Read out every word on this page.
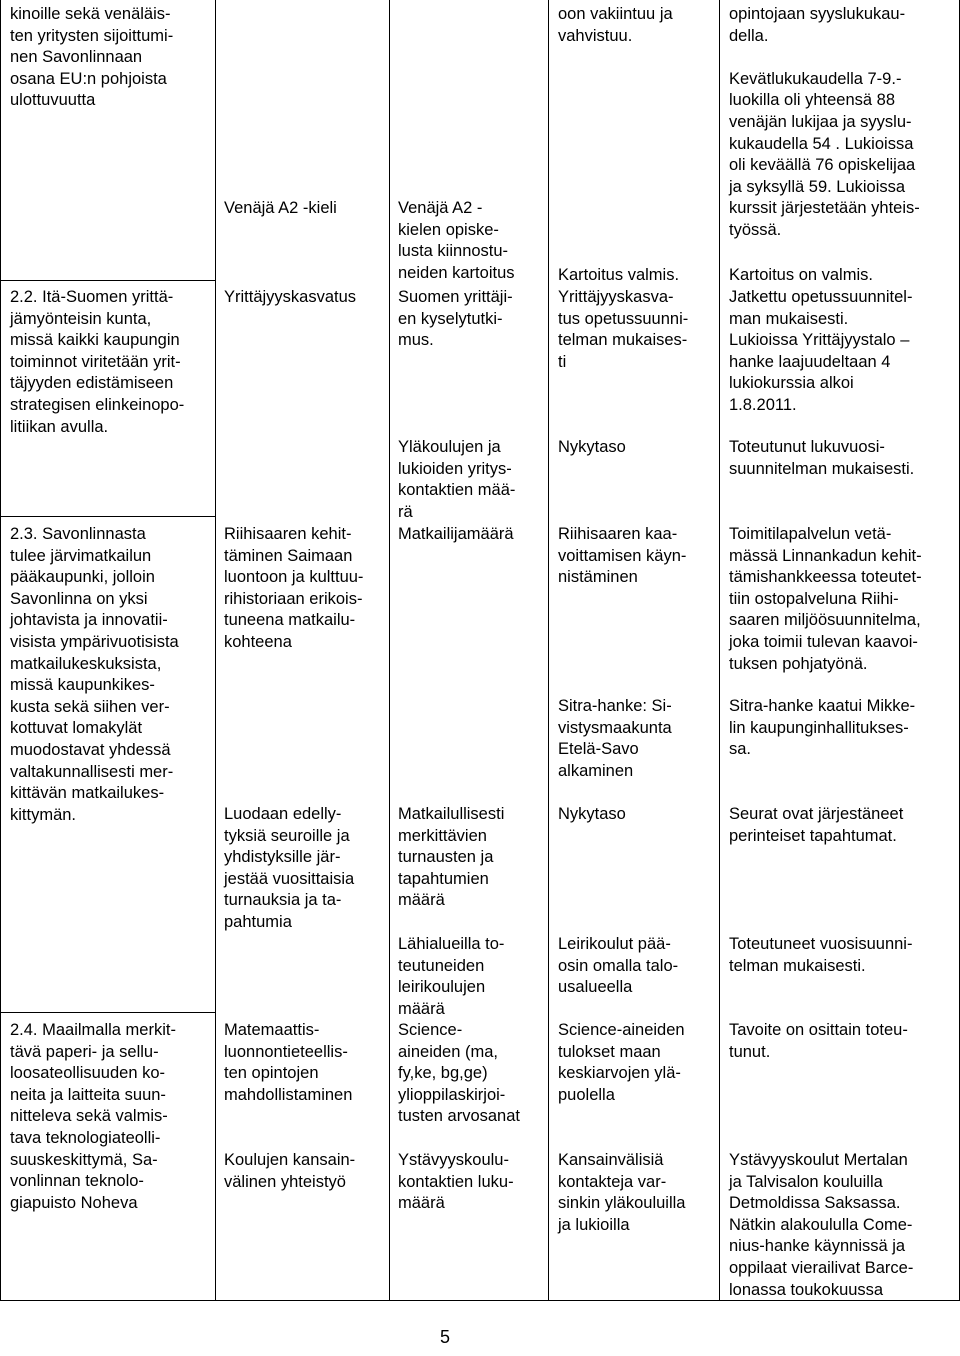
kinoille sekä venäläis-
ten yritysten sijoittumi-
nen Savonlinnaan
osana EU:n pohjoista
ulottuvuutta
2.2. Itä-Suomen yrittä-
jämyönteisin kunta,
missä kaikki kaupungin
toiminnot viritetään yrit-
täjyyden edistämiseen
strategisen elinkeinopo-
litiikan avulla.
2.3. Savonlinnasta
tulee järvimatkailun
pääkaupunki, jolloin
Savonlinna on yksi
johtavista ja innovatii-
visista ympärivuotisista
matkailukeskuksista,
missä kaupunkikes-
kusta sekä siihen ver-
kottuvat lomakylät
muodostavat yhdessä
valtakunnallisesti mer-
kittävän matkailukes-
kittymän.
2.4. Maailmalla merkit-
tävä paperi- ja sellu-
loosateollisuuden ko-
neita ja laitteita suun-
nitteleva sekä valmis-
tava teknologiateolli-
suuskeskittymä, Sa-
vonlinnan teknolo-
giapuisto Noheva
Venäjä A2 -kieli
Yrittäjyyskasvatus
Riihisaaren kehit-
täminen Saimaan
luontoon ja kulttuu-
rihistoriaan erikois-
tuneena matkailu-
kohteena
Luodaan edelly-
tyksiä seuroille ja
yhdistyksille jär-
jestää vuosittaisia
turnauksia ja ta-
pahtumia
Matemaattis-
luonnontieteellis-
ten opintojen
mahdollistaminen
Koulujen kansain-
välinen yhteistyö
Venäjä A2 -
kielen opiske-
lusta kiinnostu-
neiden kartoitus
Suomen yrittäji-
en kyselytutki-
mus.
Yläkoulujen ja
lukioiden yritys-
kontaktien mää-
rä
Matkailijamäärä
Matkailullisesti
merkittävien
turnausten ja
tapahtumien
määrä
Lähialueilla to-
teutuneiden
leirikoulujen
määrä
Science-
aineiden (ma,
fy,ke, bg,ge)
ylioppilaskirjoi-
tusten arvosanat
Ystävyyskoulu-
kontaktien luku-
määrä
oon vakiintuu ja
vahvistuu.
Kartoitus valmis.
Yrittäjyyskasva-
tus opetussuunni-
telman mukaises-
ti
Nykytaso
Riihisaaren kaa-
voittamisen käyn-
nistäminen
Sitra-hanke: Si-
vistysmaakunta
Etelä-Savo
alkaminen
Nykytaso
Leirikoulut pää-
osin omalla talo-
usalueella
Science-aineiden
tulokset maan
keskiarvojen ylä-
puolella
Kansainvälisiä
kontakteja var-
sinkin yläkouluilla
ja lukioilla
opintojaan syyslukukau-
della.

Kevätlukukaudella 7-9.-
luokilla oli yhteensä 88
venäjän lukijaa ja syyslu-
kukaudella 54 . Lukioissa
oli keväällä 76 opiskelijaa
ja syksyllä 59. Lukioissa
kurssit järjestetään yhteis-
työssä.
Kartoitus on valmis.
Jatkettu opetussuunnitel-
man mukaisesti.
Lukioissa Yrittäjyystalo –
hanke laajuudeltaan 4
lukiokurssia alkoi
1.8.2011.
Toteutunut lukuvuosi-
suunnitelman mukaisesti.
Toimitilapalvelun vetä-
mässä Linnankadun kehit-
tämishankkeessa toteutet-
tiin ostopalveluna Riihi-
saaren miljöösuunnitelma,
joka toimii tulevan kaavoi-
tuksen pohjatyönä.
Sitra-hanke kaatui Mikke-
lin kaupunginhallitukses-
sa.
Seurat ovat järjestäneet
perinteiset tapahtumat.
Toteutuneet vuosisuunni-
telman mukaisesti.
Tavoite on osittain toteu-
tunut.
Ystävyyskoulut Mertalan
ja Talvisalon kouluilla
Detmoldissa Saksassa.
Nätkin alakoululla Come-
nius-hanke käynnissä ja
oppilaat vierailivat Barce-
lonassa toukokuussa
5
